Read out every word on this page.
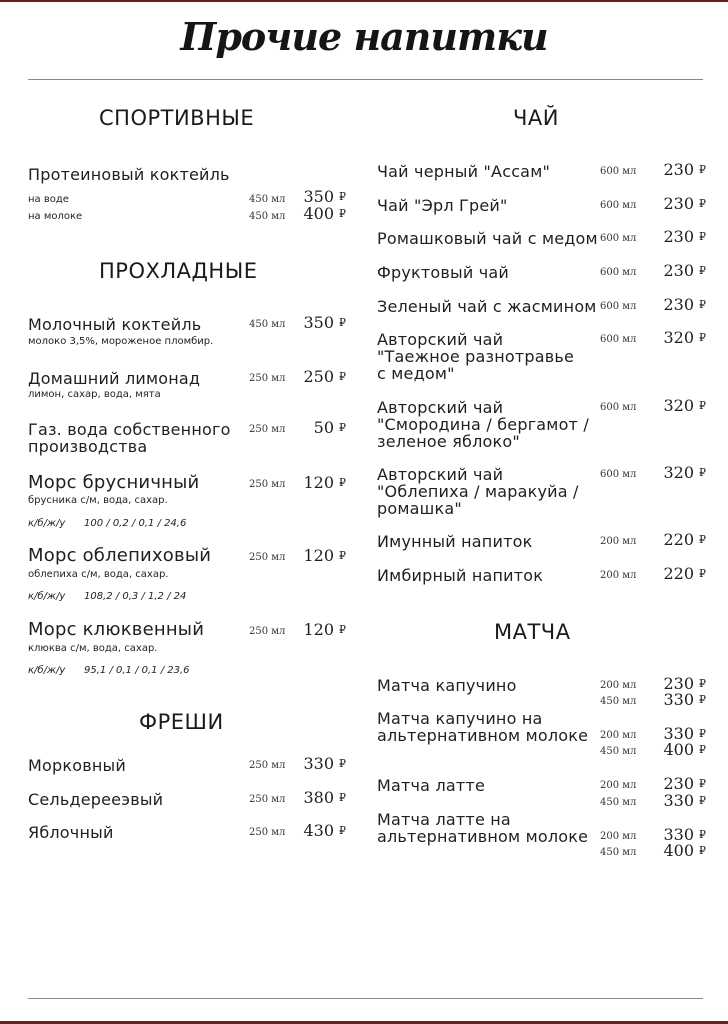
Прочие напитки
СПОРТИВНЫЕ
Протеиновый коктейль
на воде	450 мл 350 ₽
на молоке	450 мл 400 ₽
ПРОХЛАДНЫЕ
Молочный коктейль
молоко 3,5%, мороженое пломбир.
450 мл 350 ₽
Домашний лимонад
лимон, сахар, вода, мята
250 мл 250 ₽
Газ. вода собственного
производства
250 мл 50 ₽
Морс брусничный
брусника с/м, вода, сахар.
к/б/ж/у 100 / 0,2 / 0,1 / 24,6
250 мл 120 ₽
Морс облепиховый
облепиха с/м, вода, сахар.
к/б/ж/у 108,2 / 0,3 / 1,2 / 24
250 мл 120 ₽
Морс клюквенный
клюква с/м, вода, сахар.
к/б/ж/у 95,1 / 0,1 / 0,1 / 23,6
250 мл 120 ₽
ФРЕШИ
Морковный	250 мл 330 ₽
Сельдерееэвый	250 мл 380 ₽
Яблочный	250 мл 430 ₽
ЧАЙ
Чай черный "Ассам"	600 мл 230 ₽
Чай "Эрл Грей"	600 мл 230 ₽
Ромашковый чай с медом 600 мл 230 ₽
Фруктовый чай	600 мл 230 ₽
Зеленый чай с жасмином 600 мл 230 ₽
Авторский чай
"Таежное разнотравье
с медом"
600 мл 320 ₽
Авторский чай
"Смородина / бергамот /
зеленое яблоко"
600 мл 320 ₽
Авторский чай
"Облепиха / маракуйа /
ромашка"
600 мл 320 ₽
Имунный напиток	200 мл 220 ₽
Имбирный напиток	200 мл 220 ₽
МАТЧА
Матча капучино	200 мл 230 ₽
450 мл 330 ₽
Матча капучино на
альтернативном молоке 200 мл 330 ₽
450 мл 400 ₽
Матча латте	200 мл 230 ₽
450 мл 330 ₽
Матча латте на
альтернативном молоке 200 мл 330 ₽
450 мл 400 ₽
